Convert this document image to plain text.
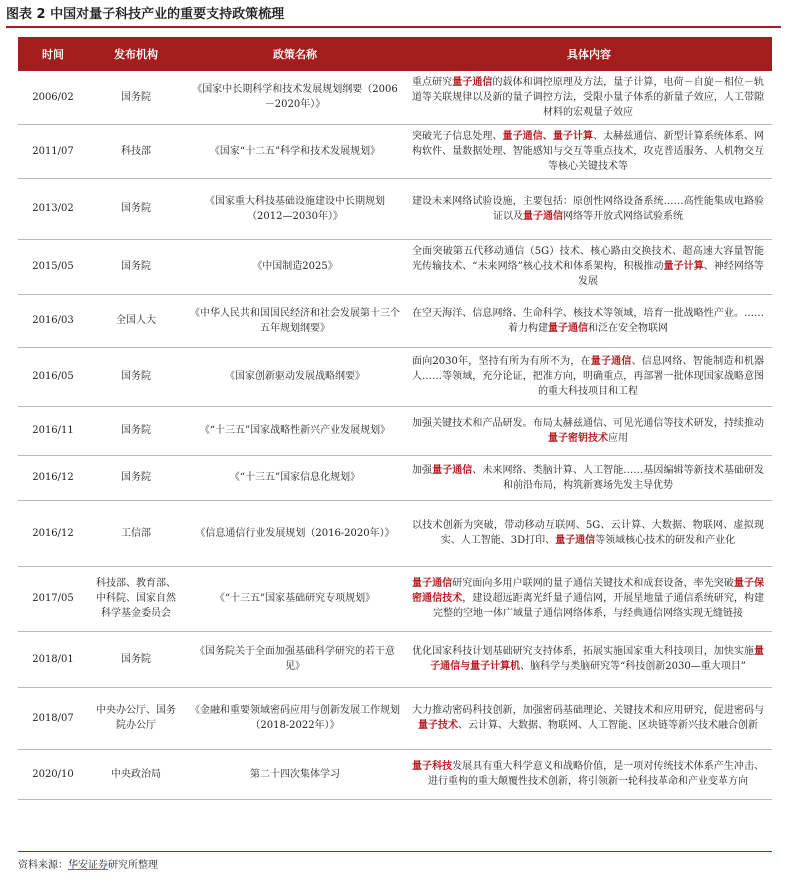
图表 2 中国对量子科技产业的重要支持政策梳理
时间	发布机构	政策名称	具体内容
2006/02	国务院	《国家中长期科学和技术发展规划纲要（2006－2020年）》	重点研究量子通信的载体和调控原理及方法，量子计算，电荷－自旋－相位－轨道等关联规律以及新的量子调控方法，受限小量子体系的新量子效应，人工带隙材料的宏观量子效应
2011/07	科技部	《国家“十二五”科学和技术发展规划》	突破光子信息处理、量子通信、量子计算、太赫兹通信、新型计算系统体系、网构软件、量数据处理、智能感知与交互等重点技术，攻克普适服务、人机物交互等核心关键技术等
2013/02	国务院	《国家重大科技基础设施建设中长期规划（2012—2030年）》	建设未来网络试验设施，主要包括：原创性网络设备系统……高性能集成电路验证以及量子通信网络等开放式网络试验系统
2015/05	国务院	《中国制造2025》	全面突破第五代移动通信（5G）技术、核心路由交换技术、超高速大容量智能光传输技术、“未来网络”核心技术和体系架构，积极推动量子计算、神经网络等发展
2016/03	全国人大	《中华人民共和国国民经济和社会发展第十三个五年规划纲要》	在空天海洋、信息网络、生命科学、核技术等领域，培育一批战略性产业。……着力构建量子通信和泛在安全物联网
2016/05	国务院	《国家创新驱动发展战略纲要》	面向2030年，坚持有所为有所不为，在量子通信、信息网络、智能制造和机器人……等领域，充分论证，把准方向，明确重点，再部署一批体现国家战略意图的重大科技项目和工程
2016/11	国务院	《“十三五”国家战略性新兴产业发展规划》	加强关键技术和产品研发。布局太赫兹通信、可见光通信等技术研发，持续推动量子密钥技术应用
2016/12	国务院	《“十三五”国家信息化规划》	加强量子通信、未来网络、类脑计算、人工智能……基因编辑等新技术基础研发和前沿布局，构筑新赛场先发主导优势
2016/12	工信部	《信息通信行业发展规划（2016-2020年）》	以技术创新为突破，带动移动互联网、5G、云计算、大数据、物联网、虚拟现实、人工智能、3D打印、量子通信等领域核心技术的研发和产业化
2017/05	科技部、教育部、中科院、国家自然科学基金委员会	《“十三五”国家基础研究专项规划》	量子通信研究面向多用户联网的量子通信关键技术和成套设备，率先突破量子保密通信技术，建设超远距离光纤量子通信网，开展星地量子通信系统研究，构建完整的空地一体广域量子通信网络体系，与经典通信网络实现无缝链接
2018/01	国务院	《国务院关于全面加强基础科学研究的若干意见》	优化国家科技计划基础研究支持体系，拓展实施国家重大科技项目，加快实施量子通信与量子计算机、脑科学与类脑研究等“科技创新2030—重大项目”
2018/07	中央办公厅、国务院办公厅	《金融和重要领域密码应用与创新发展工作规划（2018-2022年）》	大力推动密码科技创新，加强密码基础理论、关键技术和应用研究，促进密码与量子技术、云计算、大数据、物联网、人工智能、区块链等新兴技术融合创新
2020/10	中央政治局	第二十四次集体学习	量子科技发展具有重大科学意义和战略价值，是一项对传统技术体系产生冲击、进行重构的重大颠覆性技术创新，将引领新一轮科技革命和产业变革方向
资料来源：华安证券研究所整理
